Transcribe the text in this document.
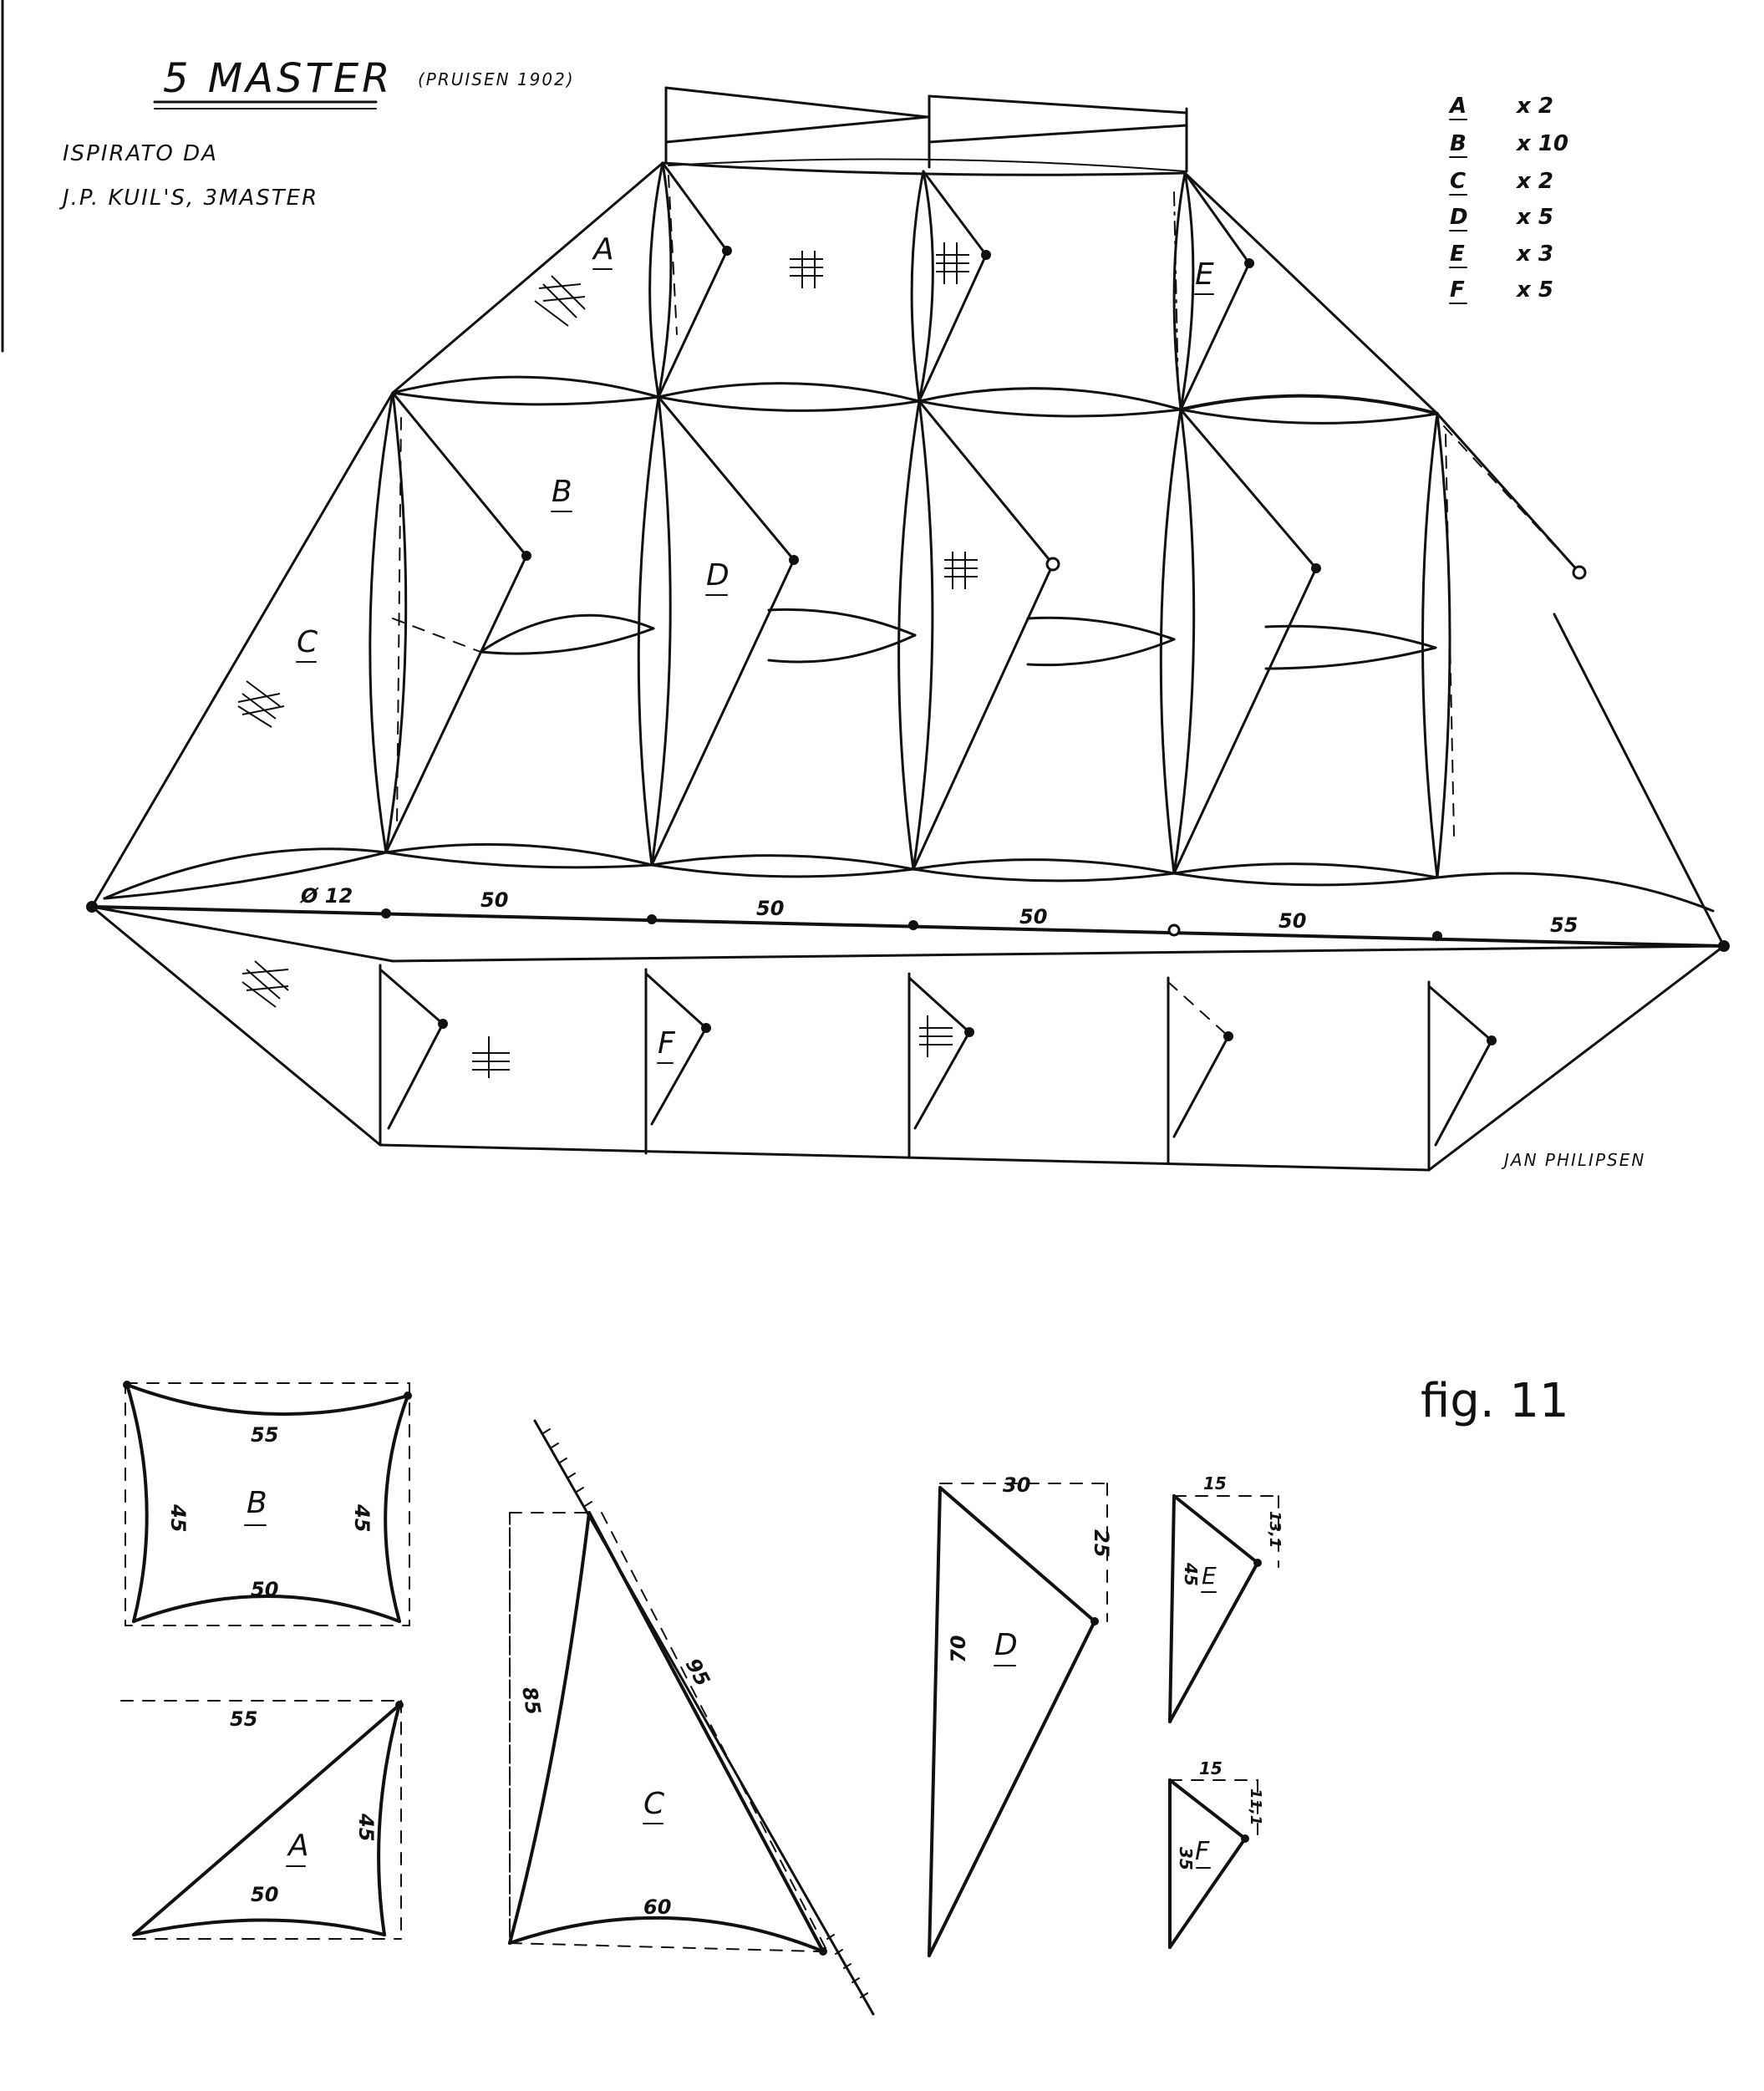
5 MASTER (PRUISEN 1902)
ISPIRATO DA
J.P. KUIL'S, 3MASTER
A x 2
B x 10
C x 2
D x 5
E x 3
F x 5
Ø 12	50	50	50	50	55
A
E
B
D
C
F
JAN PHILIPSEN
fig. 11
B
55
50
45	45
A
55
50
45
C
85
95
60
D
30
25
70
E
15
13,1
45
F
15
11,1
35
